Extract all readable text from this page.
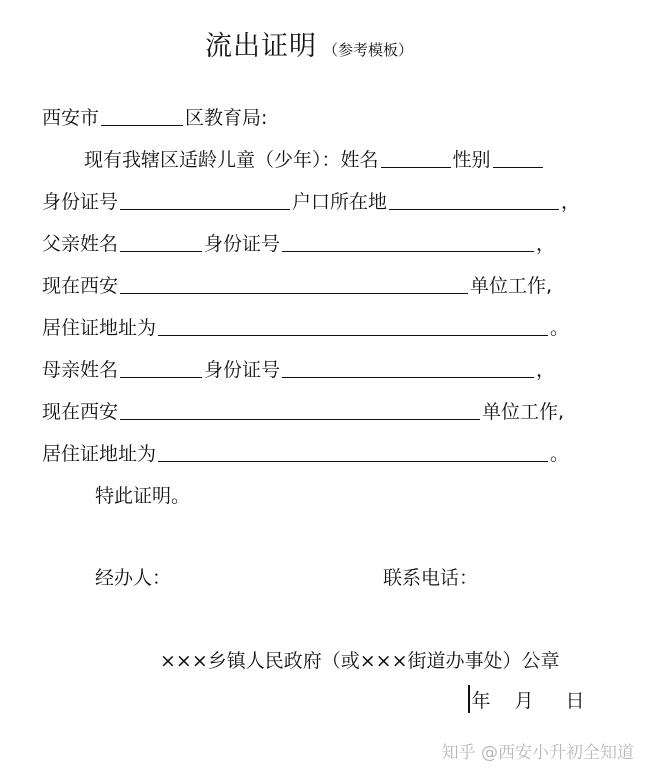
流出证明 （参考模板）
西安市	区教育局:
现有我辖区适龄儿童（少年）：姓名	性别
身份证号	户口所在地	，
父亲姓名	身份证号	，
现在西安	单位工作,
居住证地址为	。
母亲姓名	身份证号	，
现在西安	单位工作,
居住证地址为	。
特此证明。
经办人：	联系电话：
×××乡镇人民政府（或×××街道办事处）公章
年 月 日
知乎 @西安小升初全知道
